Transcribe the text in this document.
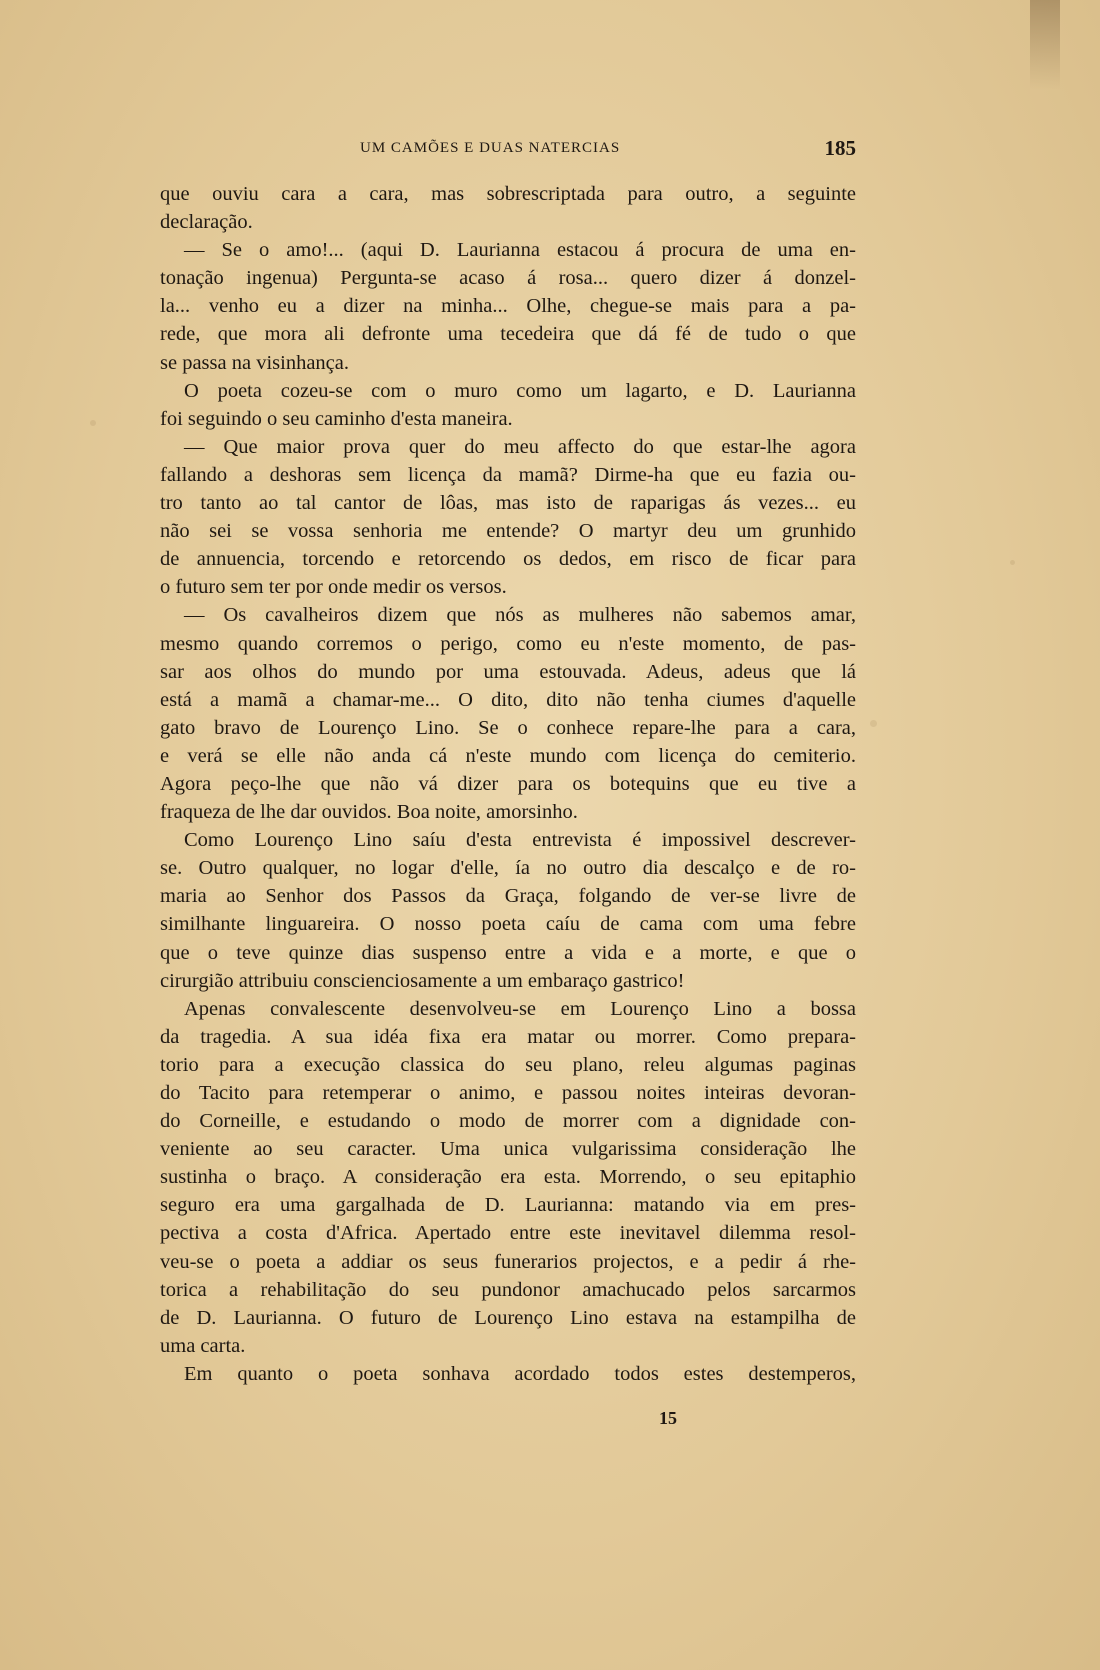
UM CAMÕES E DUAS NATERCIAS	185
que ouviu cara a cara, mas sobrescriptada para outro, a seguinte
declaração.
— Se o amo!... (aqui D. Laurianna estacou á procura de uma en-
tonação ingenua) Pergunta-se acaso á rosa... quero dizer á donzel-
la... venho eu a dizer na minha... Olhe, chegue-se mais para a pa-
rede, que mora ali defronte uma tecedeira que dá fé de tudo o que
se passa na visinhança.
O poeta cozeu-se com o muro como um lagarto, e D. Laurianna
foi seguindo o seu caminho d'esta maneira.
— Que maior prova quer do meu affecto do que estar-lhe agora
fallando a deshoras sem licença da mamã? Dirme-ha que eu fazia ou-
tro tanto ao tal cantor de lôas, mas isto de raparigas ás vezes... eu
não sei se vossa senhoria me entende? O martyr deu um grunhido
de annuencia, torcendo e retorcendo os dedos, em risco de ficar para
o futuro sem ter por onde medir os versos.
— Os cavalheiros dizem que nós as mulheres não sabemos amar,
mesmo quando corremos o perigo, como eu n'este momento, de pas-
sar aos olhos do mundo por uma estouvada. Adeus, adeus que lá
está a mamã a chamar-me... O dito, dito não tenha ciumes d'aquelle
gato bravo de Lourenço Lino. Se o conhece repare-lhe para a cara,
e verá se elle não anda cá n'este mundo com licença do cemiterio.
Agora peço-lhe que não vá dizer para os botequins que eu tive a
fraqueza de lhe dar ouvidos. Boa noite, amorsinho.
Como Lourenço Lino saíu d'esta entrevista é impossivel descrever-
se. Outro qualquer, no logar d'elle, ía no outro dia descalço e de ro-
maria ao Senhor dos Passos da Graça, folgando de ver-se livre de
similhante linguareira. O nosso poeta caíu de cama com uma febre
que o teve quinze dias suspenso entre a vida e a morte, e que o
cirurgião attribuiu conscienciosamente a um embaraço gastrico!
Apenas convalescente desenvolveu-se em Lourenço Lino a bossa
da tragedia. A sua idéa fixa era matar ou morrer. Como prepara-
torio para a execução classica do seu plano, releu algumas paginas
do Tacito para retemperar o animo, e passou noites inteiras devoran-
do Corneille, e estudando o modo de morrer com a dignidade con-
veniente ao seu caracter. Uma unica vulgarissima consideração lhe
sustinha o braço. A consideração era esta. Morrendo, o seu epitaphio
seguro era uma gargalhada de D. Laurianna: matando via em pres-
pectiva a costa d'Africa. Apertado entre este inevitavel dilemma resol-
veu-se o poeta a addiar os seus funerarios projectos, e a pedir á rhe-
torica a rehabilitação do seu pundonor amachucado pelos sarcarmos
de D. Laurianna. O futuro de Lourenço Lino estava na estampilha de
uma carta.
Em quanto o poeta sonhava acordado todos estes destemperos,
15
